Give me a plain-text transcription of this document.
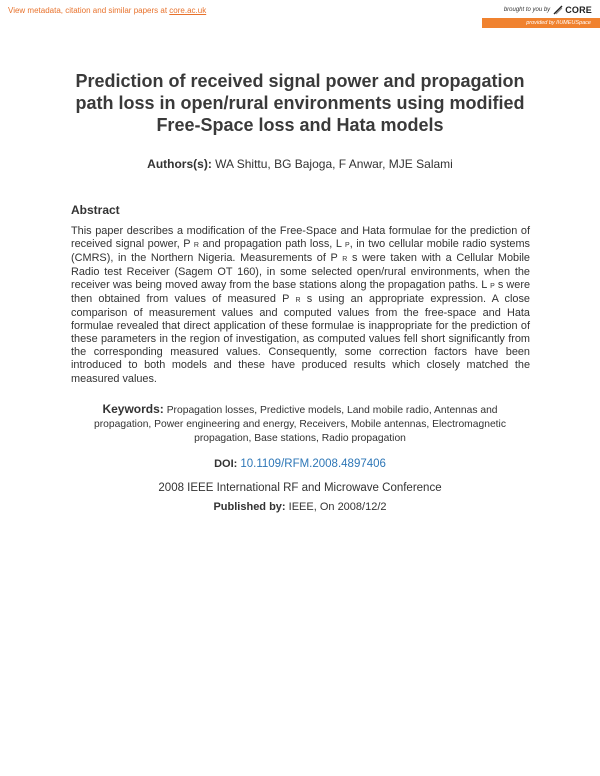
View metadata, citation and similar papers at core.ac.uk	brought to you by CORE
provided by IIUMEUSpace
Prediction of received signal power and propagation path loss in open/rural environments using modified Free-Space loss and Hata models
Authors(s): WA Shittu, BG Bajoga, F Anwar, MJE Salami
Abstract

This paper describes a modification of the Free-Space and Hata formulae for the prediction of received signal power, P R and propagation path loss, L P, in two cellular mobile radio systems (CMRS), in the Northern Nigeria. Measurements of P R s were taken with a Cellular Mobile Radio test Receiver (Sagem OT 160), in some selected open/rural environments, when the receiver was being moved away from the base stations along the propagation paths. L P s were then obtained from values of measured P R s using an appropriate expression. A close comparison of measurement values and computed values from the free-space and Hata formulae revealed that direct application of these formulae is inappropriate for the prediction of these parameters in the region of investigation, as computed values fell short significantly from the corresponding measured values. Consequently, some correction factors have been introduced to both models and these have produced results which closely matched the measured values.

Keywords: Propagation losses, Predictive models, Land mobile radio, Antennas and propagation, Power engineering and energy, Receivers, Mobile antennas, Electromagnetic propagation, Base stations, Radio propagation
DOI: 10.1109/RFM.2008.4897406
2008 IEEE International RF and Microwave Conference
Published by: IEEE, On 2008/12/2
